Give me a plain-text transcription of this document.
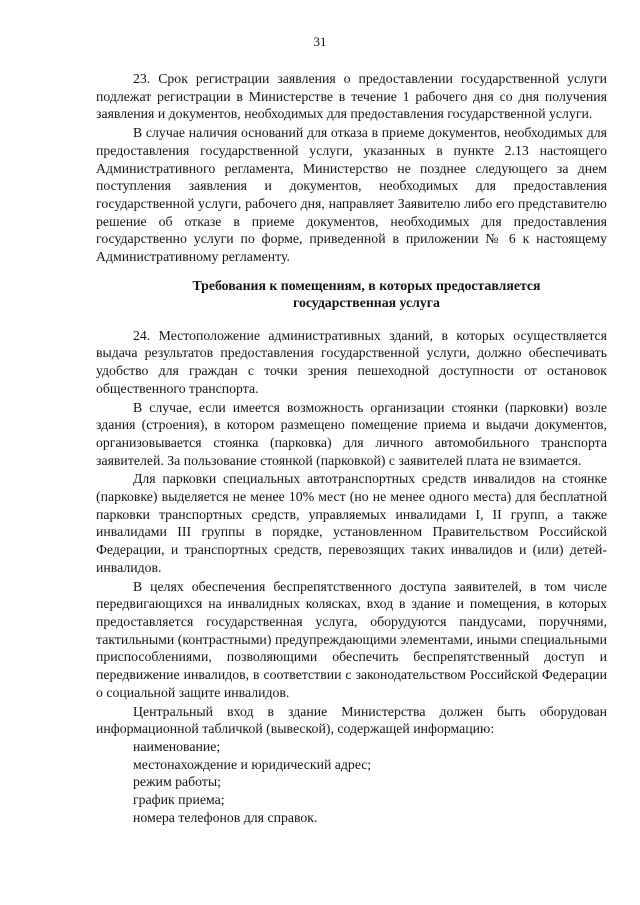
31

23. Срок регистрации заявления о предоставлении государственной услуги подлежат регистрации в Министерстве в течение 1 рабочего дня со дня получения заявления и документов, необходимых для предоставления государственной услуги.

В случае наличия оснований для отказа в приеме документов, необходимых для предоставления государственной услуги, указанных в пункте 2.13 настоящего Административного регламента, Министерство не позднее следующего за днем поступления заявления и документов, необходимых для предоставления государственной услуги, рабочего дня, направляет Заявителю либо его представителю решение об отказе в приеме документов, необходимых для предоставления государственно услуги по форме, приведенной в приложении № 6 к настоящему Административному регламенту.

Требования к помещениям, в которых предоставляется
государственная услуга

24. Местоположение административных зданий, в которых осуществляется выдача результатов предоставления государственной услуги, должно обеспечивать удобство для граждан с точки зрения пешеходной доступности от остановок общественного транспорта.

В случае, если имеется возможность организации стоянки (парковки) возле здания (строения), в котором размещено помещение приема и выдачи документов, организовывается стоянка (парковка) для личного автомобильного транспорта заявителей. За пользование стоянкой (парковкой) с заявителей плата не взимается.

Для парковки специальных автотранспортных средств инвалидов на стоянке (парковке) выделяется не менее 10% мест (но не менее одного места) для бесплатной парковки транспортных средств, управляемых инвалидами I, II групп, а также инвалидами III группы в порядке, установленном Правительством Российской Федерации, и транспортных средств, перевозящих таких инвалидов и (или) детей-инвалидов.

В целях обеспечения беспрепятственного доступа заявителей, в том числе передвигающихся на инвалидных колясках, вход в здание и помещения, в которых предоставляется государственная услуга, оборудуются пандусами, поручнями, тактильными (контрастными) предупреждающими элементами, иными специальными приспособлениями, позволяющими обеспечить беспрепятственный доступ и передвижение инвалидов, в соответствии с законодательством Российской Федерации о социальной защите инвалидов.

Центральный вход в здание Министерства должен быть оборудован информационной табличкой (вывеской), содержащей информацию:

наименование;
местонахождение и юридический адрес;
режим работы;
график приема;
номера телефонов для справок.
